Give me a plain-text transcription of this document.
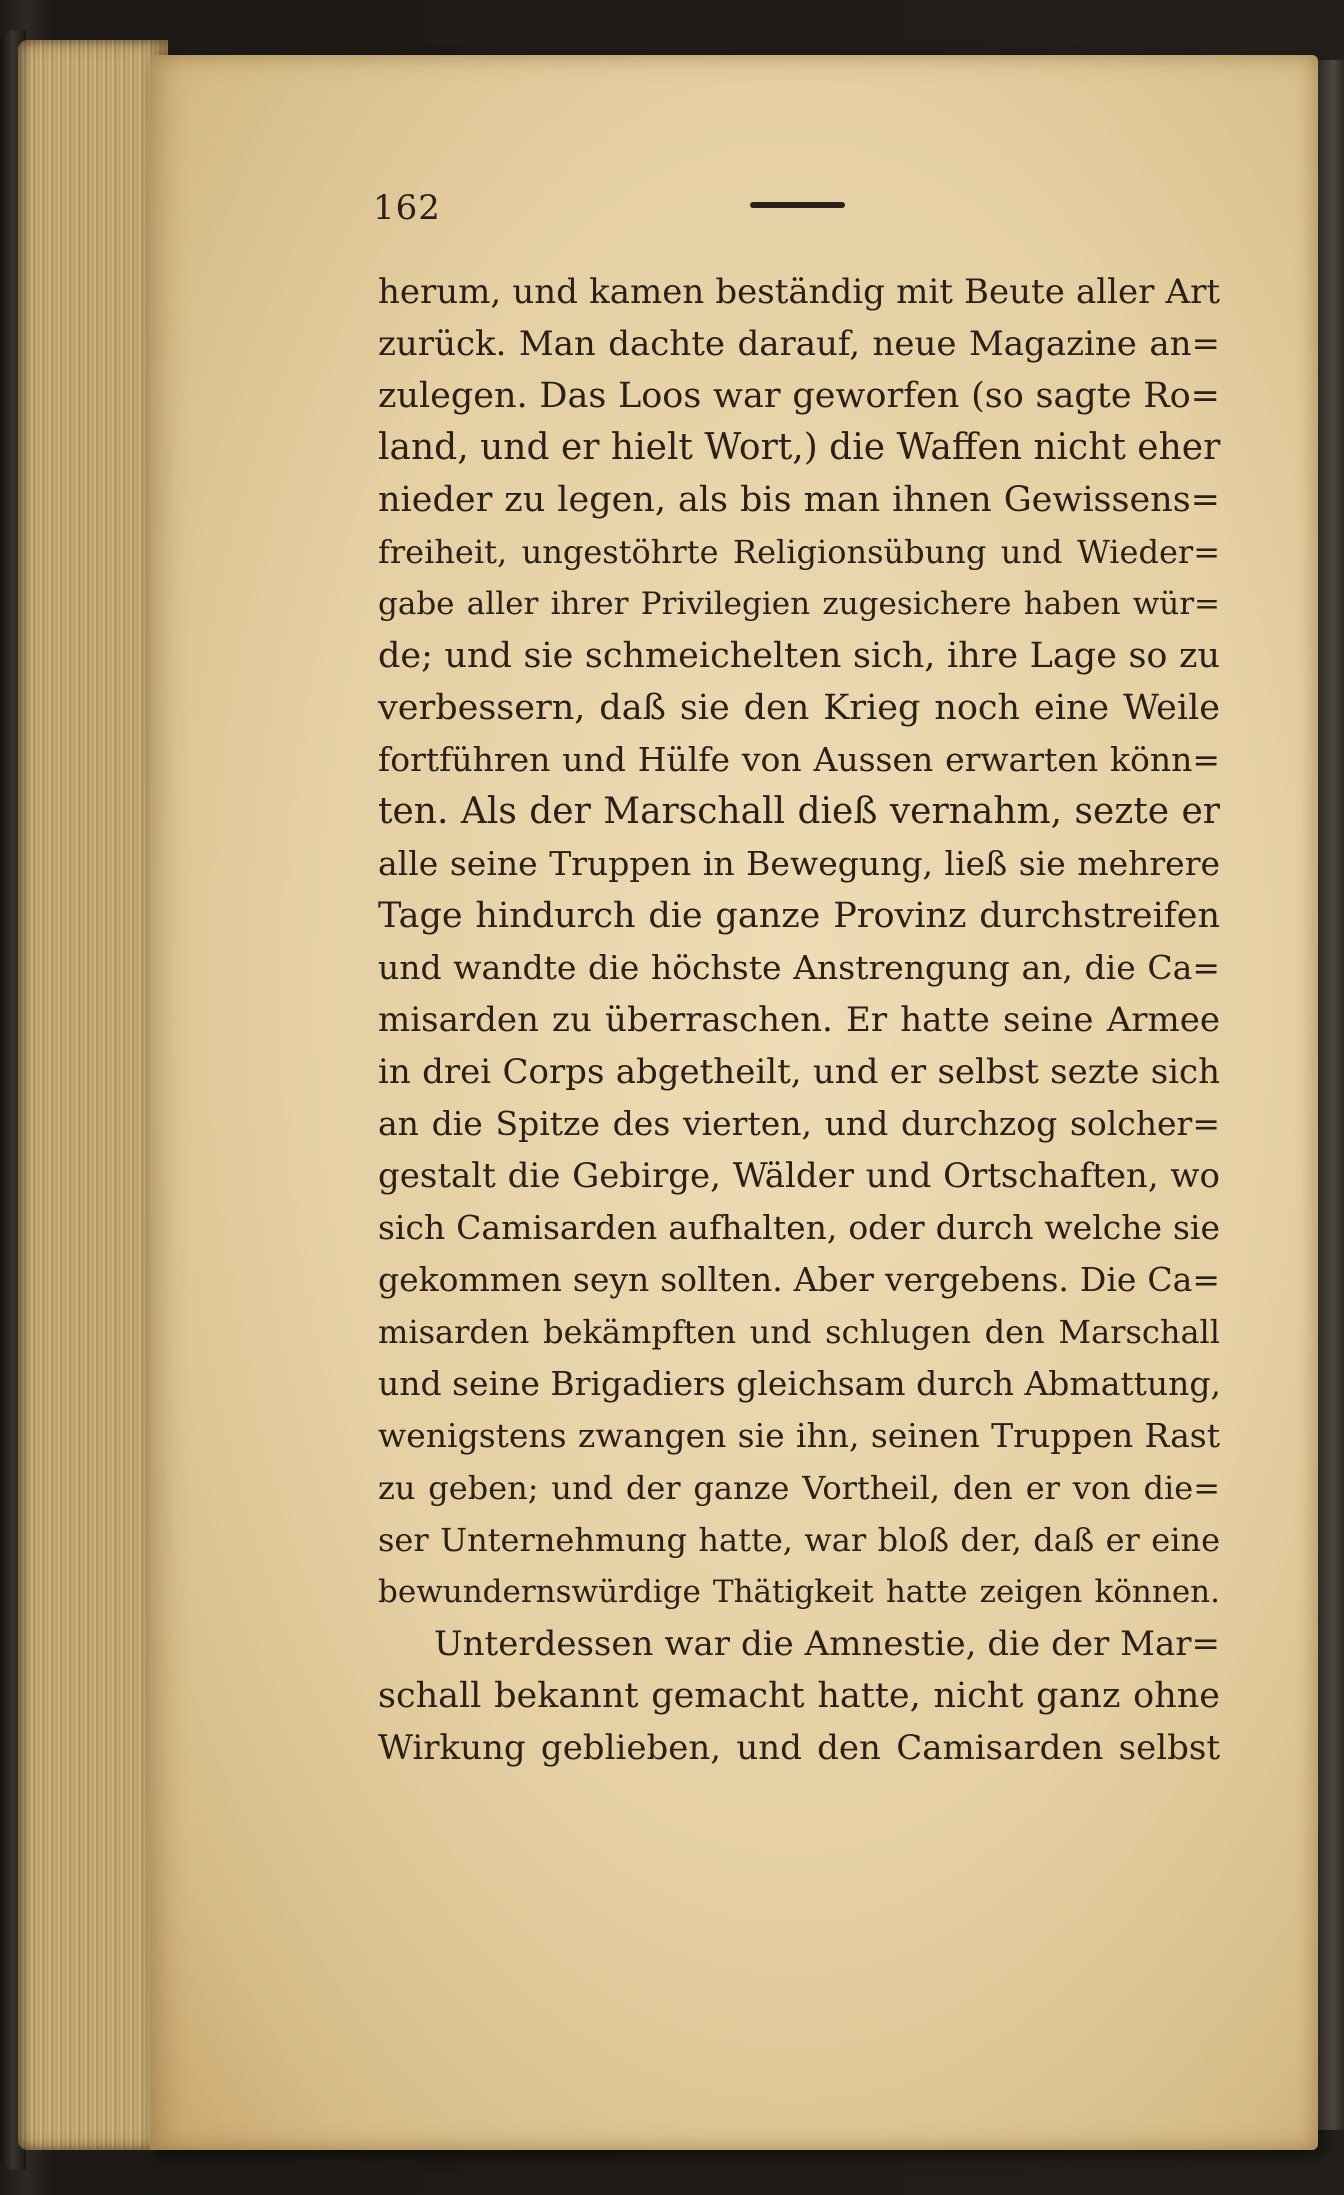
162
herum, und kamen beständig mit Beute aller Art
zurück. Man dachte darauf, neue Magazine an=
zulegen. Das Loos war geworfen (so sagte Ro=
land, und er hielt Wort,) die Waffen nicht eher
nieder zu legen, als bis man ihnen Gewissens=
freiheit, ungestöhrte Religionsübung und Wieder=
gabe aller ihrer Privilegien zugesichere haben wür=
de; und sie schmeichelten sich, ihre Lage so zu
verbessern, daß sie den Krieg noch eine Weile
fortführen und Hülfe von Aussen erwarten könn=
ten. Als der Marschall dieß vernahm, sezte er
alle seine Truppen in Bewegung, ließ sie mehrere
Tage hindurch die ganze Provinz durchstreifen
und wandte die höchste Anstrengung an, die Ca=
misarden zu überraschen. Er hatte seine Armee
in drei Corps abgetheilt, und er selbst sezte sich
an die Spitze des vierten, und durchzog solcher=
gestalt die Gebirge, Wälder und Ortschaften, wo
sich Camisarden aufhalten, oder durch welche sie
gekommen seyn sollten. Aber vergebens. Die Ca=
misarden bekämpften und schlugen den Marschall
und seine Brigadiers gleichsam durch Abmattung,
wenigstens zwangen sie ihn, seinen Truppen Rast
zu geben; und der ganze Vortheil, den er von die=
ser Unternehmung hatte, war bloß der, daß er eine
bewundernswürdige Thätigkeit hatte zeigen können.
Unterdessen war die Amnestie, die der Mar=
schall bekannt gemacht hatte, nicht ganz ohne
Wirkung geblieben, und den Camisarden selbst
